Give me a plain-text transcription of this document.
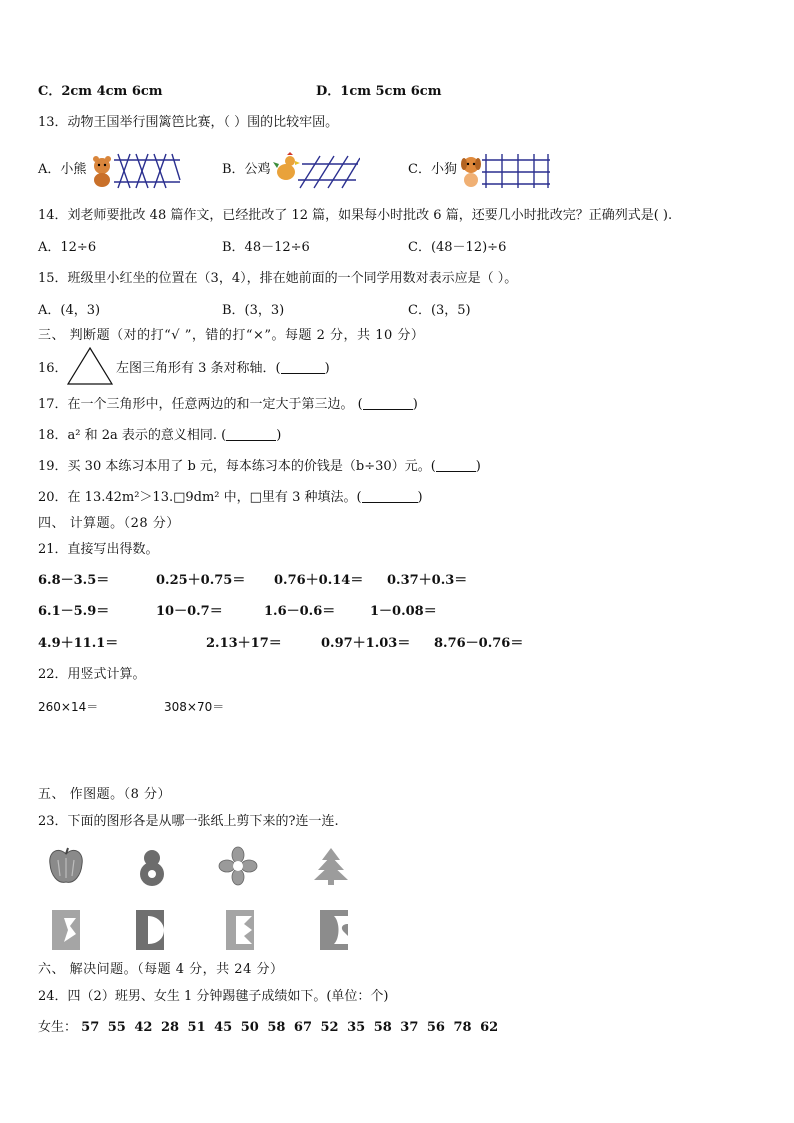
C．2cm 4cm 6cm	D．1cm 5cm 6cm
13．动物王国举行围篱笆比赛，（ ）围的比较牢固。
A．小熊	B．公鸡	C．小狗
14．刘老师要批改 48 篇作文，已经批改了 12 篇，如果每小时批改 6 篇，还要几小时批改完？正确列式是( ).
A．12÷6	B．48－12÷6	C．(48－12)÷6
15．班级里小红坐的位置在（3，4），排在她前面的一个同学用数对表示应是（ ）。
A．(4，3)	B．(3，3)	C．(3，5)
三、 判断题（对的打“√ ”，错的打“×”。每题 2 分，共 10 分）
16．	左图三角形有 3 条对称轴．(	)
17．在一个三角形中，任意两边的和一定大于第三边。 (	)
18．a² 和 2a 表示的意义相同. (	)
19．买 30 本练习本用了 b 元，每本练习本的价钱是（b÷30）元。(	)
20．在 13.42m²＞13.□9dm² 中，□里有 3 种填法。(	)
四、 计算题。（28 分）
21．直接写出得数。
6.8－3.5＝	0.25＋0.75＝ 0.76＋0.14＝ 0.37＋0.3＝
6.1－5.9＝	10－0.7＝	1.6－0.6＝	1－0.08＝
4.9＋11.1＝	2.13＋17＝	0.97＋1.03＝ 8.76－0.76＝
22．用竖式计算。
260×14＝	308×70＝
五、 作图题。（8 分）
23．下面的图形各是从哪一张纸上剪下来的?连一连.
六、 解决问题。（每题 4 分，共 24 分）
24．四（2）班男、女生 1 分钟踢毽子成绩如下。(单位：个)
女生： 57 55 42 28 51 45 50 58 67 52 35 58 37 56 78 62
